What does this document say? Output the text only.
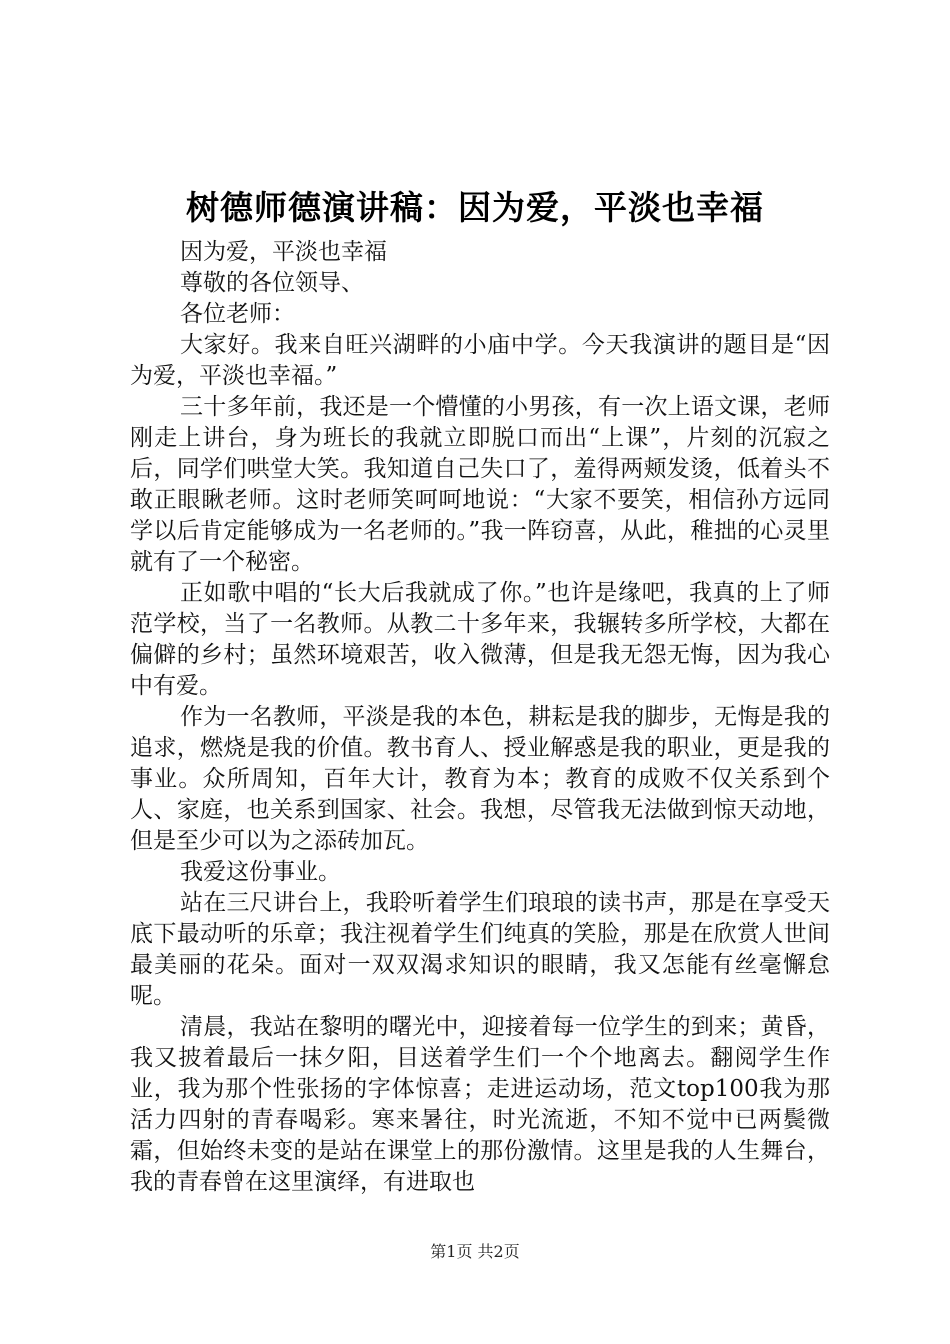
树德师德演讲稿：因为爱，平淡也幸福

因为爱，平淡也幸福

尊敬的各位领导、

各位老师：

大家好。我来自旺兴湖畔的小庙中学。今天我演讲的题目是“因为爱，平淡也幸福。”

三十多年前，我还是一个懵懂的小男孩，有一次上语文课，老师刚走上讲台，身为班长的我就立即脱口而出“上课”，片刻的沉寂之后，同学们哄堂大笑。我知道自己失口了，羞得两颊发烫，低着头不敢正眼瞅老师。这时老师笑呵呵地说：“大家不要笑，相信孙方远同学以后肯定能够成为一名老师的。”我一阵窃喜，从此，稚拙的心灵里就有了一个秘密。

正如歌中唱的“长大后我就成了你。”也许是缘吧，我真的上了师范学校，当了一名教师。从教二十多年来，我辗转多所学校，大都在偏僻的乡村；虽然环境艰苦，收入微薄，但是我无怨无悔，因为我心中有爱。

作为一名教师，平淡是我的本色，耕耘是我的脚步，无悔是我的追求，燃烧是我的价值。教书育人、授业解惑是我的职业，更是我的事业。众所周知，百年大计，教育为本；教育的成败不仅关系到个人、家庭，也关系到国家、社会。我想，尽管我无法做到惊天动地，但是至少可以为之添砖加瓦。

我爱这份事业。

站在三尺讲台上，我聆听着学生们琅琅的读书声，那是在享受天底下最动听的乐章；我注视着学生们纯真的笑脸，那是在欣赏人世间最美丽的花朵。面对一双双渴求知识的眼睛，我又怎能有丝毫懈怠呢。

清晨，我站在黎明的曙光中，迎接着每一位学生的到来；黄昏，我又披着最后一抹夕阳，目送着学生们一个个地离去。翻阅学生作业，我为那个性张扬的字体惊喜；走进运动场，范文top100我为那活力四射的青春喝彩。寒来暑往，时光流逝，不知不觉中已两鬓微霜，但始终未变的是站在课堂上的那份激情。这里是我的人生舞台，我的青春曾在这里演绎，有进取也

第1页 共2页
